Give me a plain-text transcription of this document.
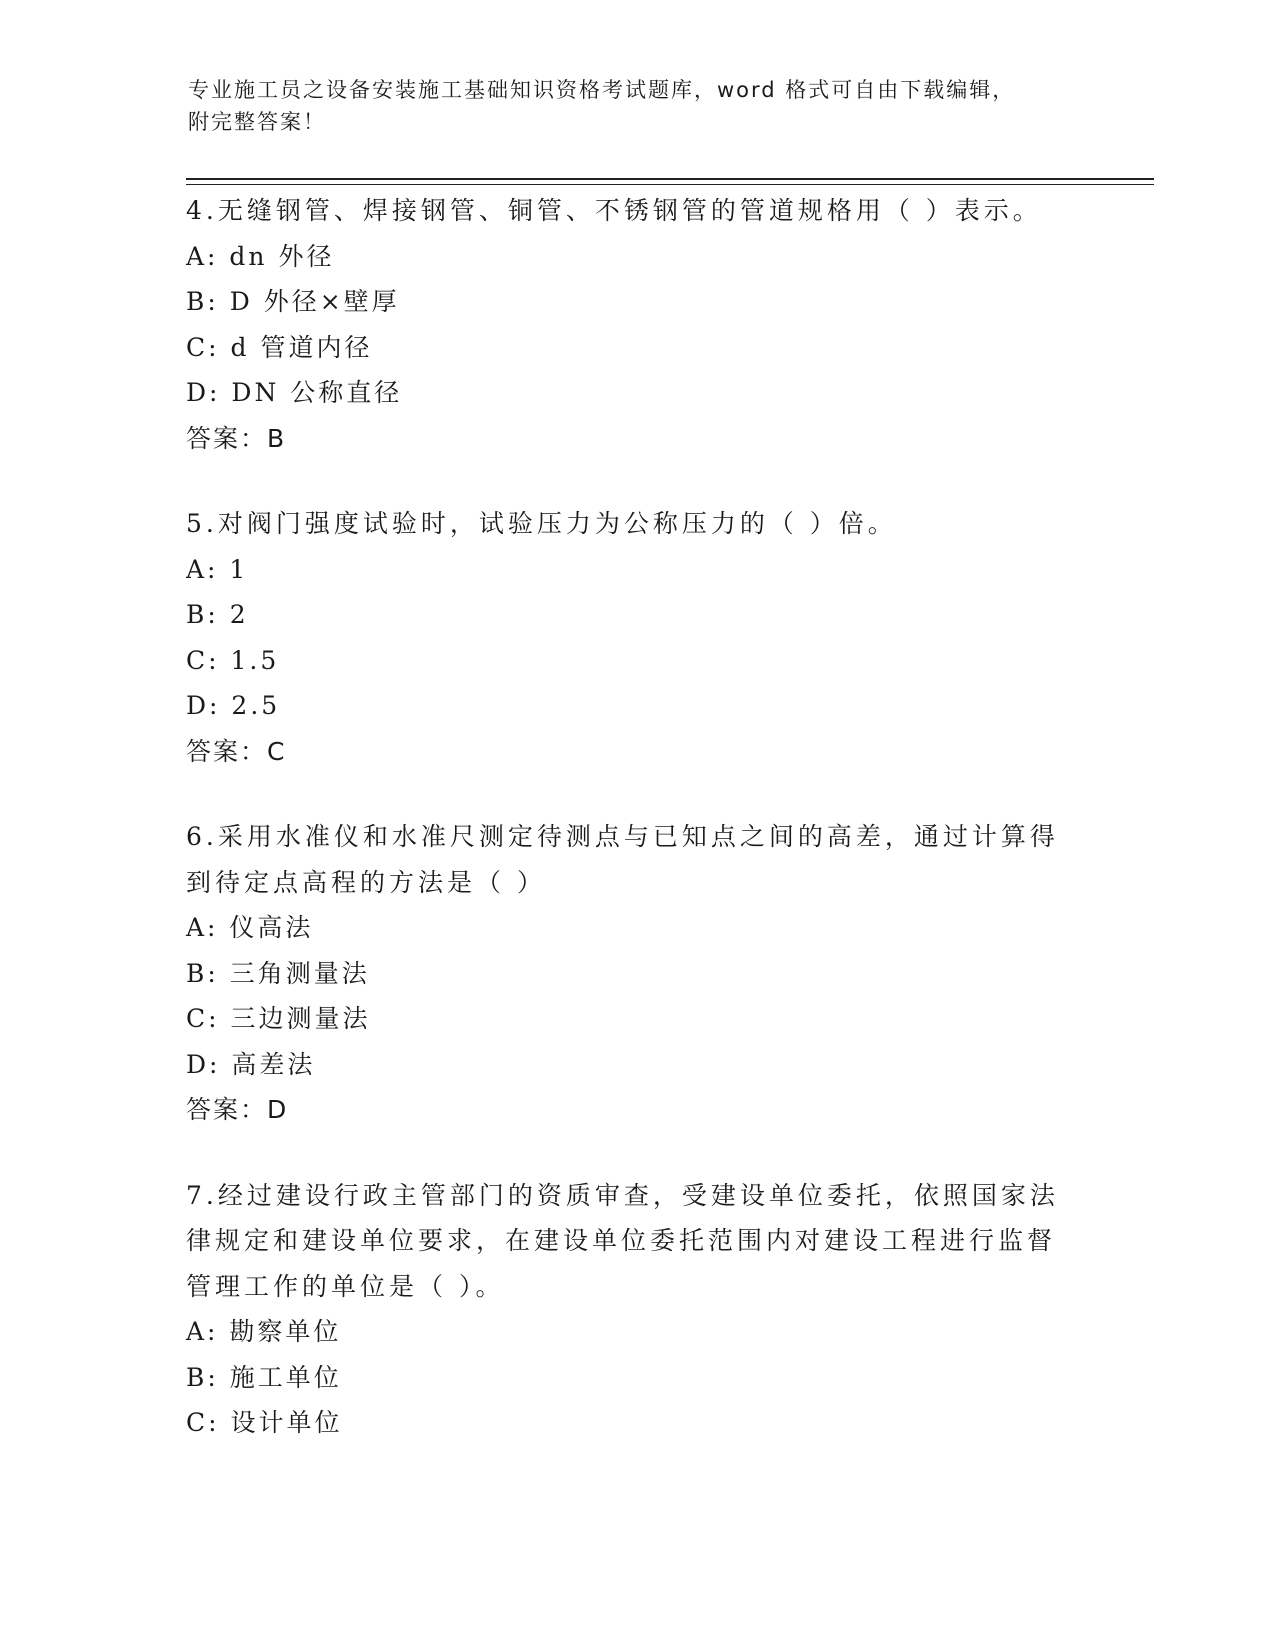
专业施工员之设备安装施工基础知识资格考试题库，word 格式可自由下载编辑，
附完整答案！
4.无缝钢管、焊接钢管、铜管、不锈钢管的管道规格用（ ）表示。
A: dn 外径
B: D 外径×壁厚
C: d 管道内径
D: DN 公称直径
答案：B
5.对阀门强度试验时，试验压力为公称压力的（ ）倍。
A: 1
B: 2
C: 1.5
D: 2.5
答案：C
6.采用水准仪和水准尺测定待测点与已知点之间的高差，通过计算得
到待定点高程的方法是（ ）
A: 仪高法
B: 三角测量法
C: 三边测量法
D: 高差法
答案：D
7.经过建设行政主管部门的资质审查，受建设单位委托，依照国家法
律规定和建设单位要求，在建设单位委托范围内对建设工程进行监督
管理工作的单位是（ ）。
A: 勘察单位
B: 施工单位
C: 设计单位
